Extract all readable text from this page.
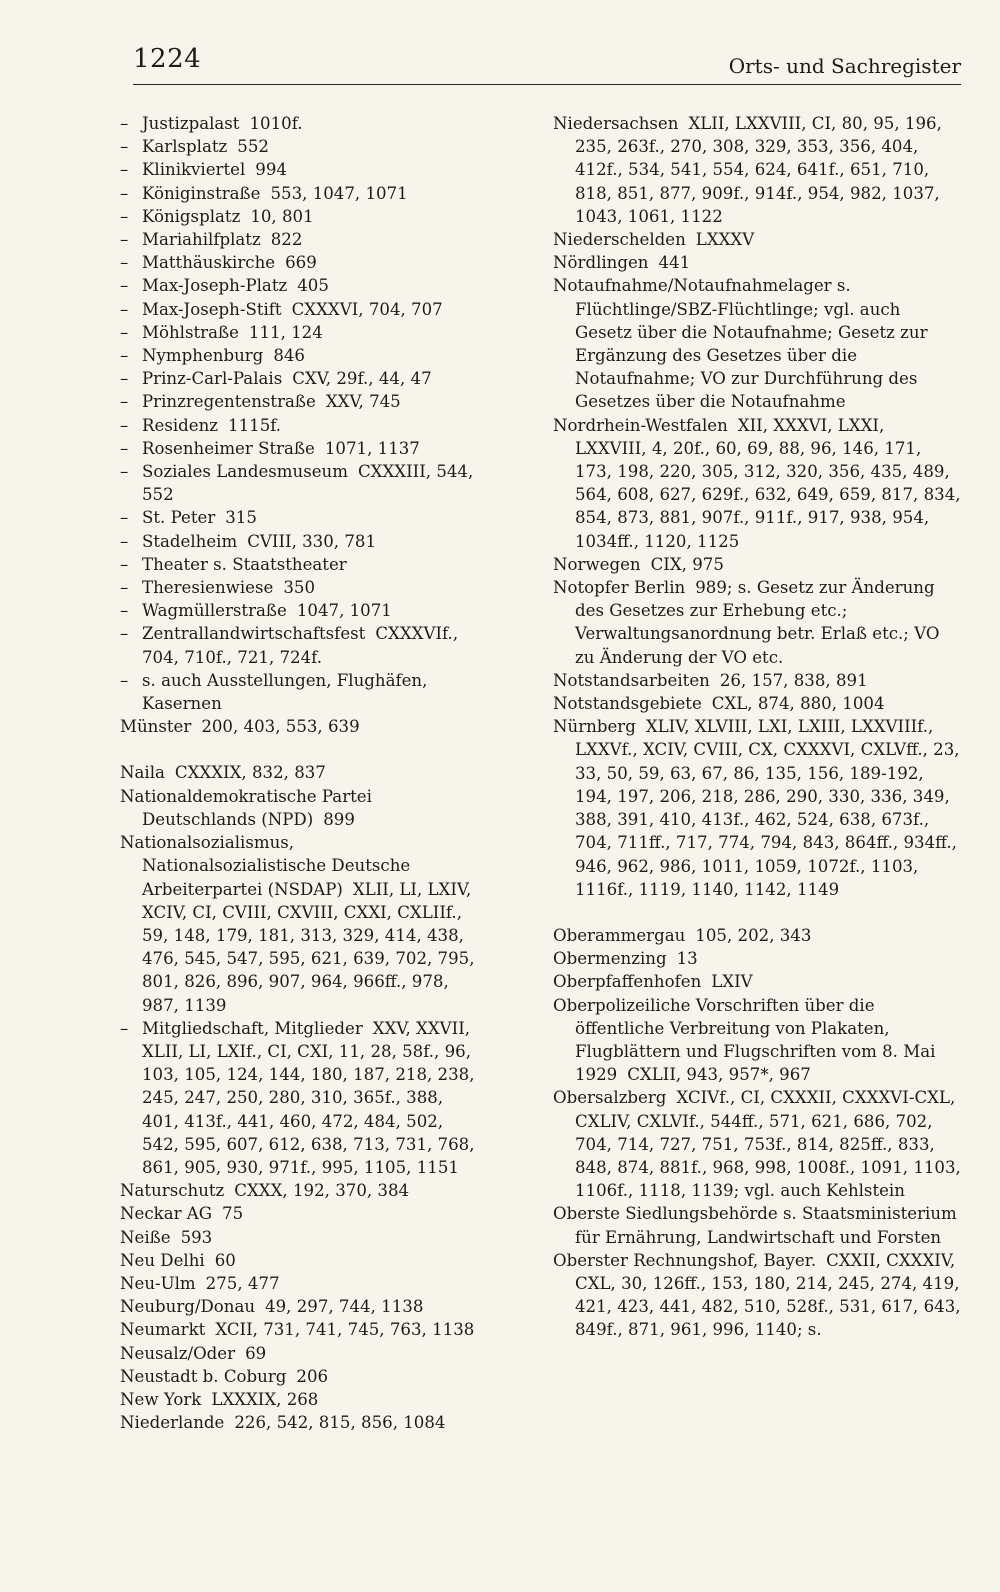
1224	Orts- und Sachregister
– Justizpalast 1010f.
– Karlsplatz 552
– Klinikviertel 994
– Königinstraße 553, 1047, 1071
– Königsplatz 10, 801
– Mariahilfplatz 822
– Matthäuskirche 669
– Max-Joseph-Platz 405
– Max-Joseph-Stift CXXXVI, 704, 707
– Möhlstraße 111, 124
– Nymphenburg 846
– Prinz-Carl-Palais CXV, 29f., 44, 47
– Prinzregentenstraße XXV, 745
– Residenz 1115f.
– Rosenheimer Straße 1071, 1137
– Soziales Landesmuseum CXXXIII, 544, 552
– St. Peter 315
– Stadelheim CVIII, 330, 781
– Theater s. Staatstheater
– Theresienwiese 350
– Wagmüllerstraße 1047, 1071
– Zentrallandwirtschaftsfest CXXXVIf., 704, 710f., 721, 724f.
– s. auch Ausstellungen, Flughäfen, Kasernen
Münster 200, 403, 553, 639
Naila CXXXIX, 832, 837
Nationaldemokratische Partei Deutschlands (NPD) 899
Nationalsozialismus, Nationalsozialistische Deutsche Arbeiterpartei (NSDAP) XLII, LI, LXIV, XCIV, CI, CVIII, CXVIII, CXXI, CXLIIf., 59, 148, 179, 181, 313, 329, 414, 438, 476, 545, 547, 595, 621, 639, 702, 795, 801, 826, 896, 907, 964, 966ff., 978, 987, 1139
– Mitgliedschaft, Mitglieder XXV, XXVII, XLII, LI, LXIf., CI, CXI, 11, 28, 58f., 96, 103, 105, 124, 144, 180, 187, 218, 238, 245, 247, 250, 280, 310, 365f., 388, 401, 413f., 441, 460, 472, 484, 502, 542, 595, 607, 612, 638, 713, 731, 768, 861, 905, 930, 971f., 995, 1105, 1151
Naturschutz CXXX, 192, 370, 384
Neckar AG 75
Neiße 593
Neu Delhi 60
Neu-Ulm 275, 477
Neuburg/Donau 49, 297, 744, 1138
Neumarkt XCII, 731, 741, 745, 763, 1138
Neusalz/Oder 69
Neustadt b. Coburg 206
New York LXXXIX, 268
Niederlande 226, 542, 815, 856, 1084
Niedersachsen XLII, LXXVIII, CI, 80, 95, 196, 235, 263f., 270, 308, 329, 353, 356, 404, 412f., 534, 541, 554, 624, 641f., 651, 710, 818, 851, 877, 909f., 914f., 954, 982, 1037, 1043, 1061, 1122
Niederschelden LXXXV
Nördlingen 441
Notaufnahme/Notaufnahmelager s. Flüchtlinge/SBZ-Flüchtlinge; vgl. auch Gesetz über die Notaufnahme; Gesetz zur Ergänzung des Gesetzes über die Notaufnahme; VO zur Durchführung des Gesetzes über die Notaufnahme
Nordrhein-Westfalen XII, XXXVI, LXXI, LXXVIII, 4, 20f., 60, 69, 88, 96, 146, 171, 173, 198, 220, 305, 312, 320, 356, 435, 489, 564, 608, 627, 629f., 632, 649, 659, 817, 834, 854, 873, 881, 907f., 911f., 917, 938, 954, 1034ff., 1120, 1125
Norwegen CIX, 975
Notopfer Berlin 989; s. Gesetz zur Änderung des Gesetzes zur Erhebung etc.; Verwaltungsanordnung betr. Erlaß etc.; VO zu Änderung der VO etc.
Notstandsarbeiten 26, 157, 838, 891
Notstandsgebiete CXL, 874, 880, 1004
Nürnberg XLIV, XLVIII, LXI, LXIII, LXXVIIIf., LXXVf., XCIV, CVIII, CX, CXXXVI, CXLVff., 23, 33, 50, 59, 63, 67, 86, 135, 156, 189-192, 194, 197, 206, 218, 286, 290, 330, 336, 349, 388, 391, 410, 413f., 462, 524, 638, 673f., 704, 711ff., 717, 774, 794, 843, 864ff., 934ff., 946, 962, 986, 1011, 1059, 1072f., 1103, 1116f., 1119, 1140, 1142, 1149
Oberammergau 105, 202, 343
Obermenzing 13
Oberpfaffenhofen LXIV
Oberpolizeiliche Vorschriften über die öffentliche Verbreitung von Plakaten, Flugblättern und Flugschriften vom 8. Mai 1929 CXLII, 943, 957*, 967
Obersalzberg XCIVf., CI, CXXXII, CXXXVI-CXL, CXLIV, CXLVIf., 544ff., 571, 621, 686, 702, 704, 714, 727, 751, 753f., 814, 825ff., 833, 848, 874, 881f., 968, 998, 1008f., 1091, 1103, 1106f., 1118, 1139; vgl. auch Kehlstein
Oberste Siedlungsbehörde s. Staatsministerium für Ernährung, Landwirtschaft und Forsten
Oberster Rechnungshof, Bayer. CXXII, CXXXIV, CXL, 30, 126ff., 153, 180, 214, 245, 274, 419, 421, 423, 441, 482, 510, 528f., 531, 617, 643, 849f., 871, 961, 996, 1140; s.
